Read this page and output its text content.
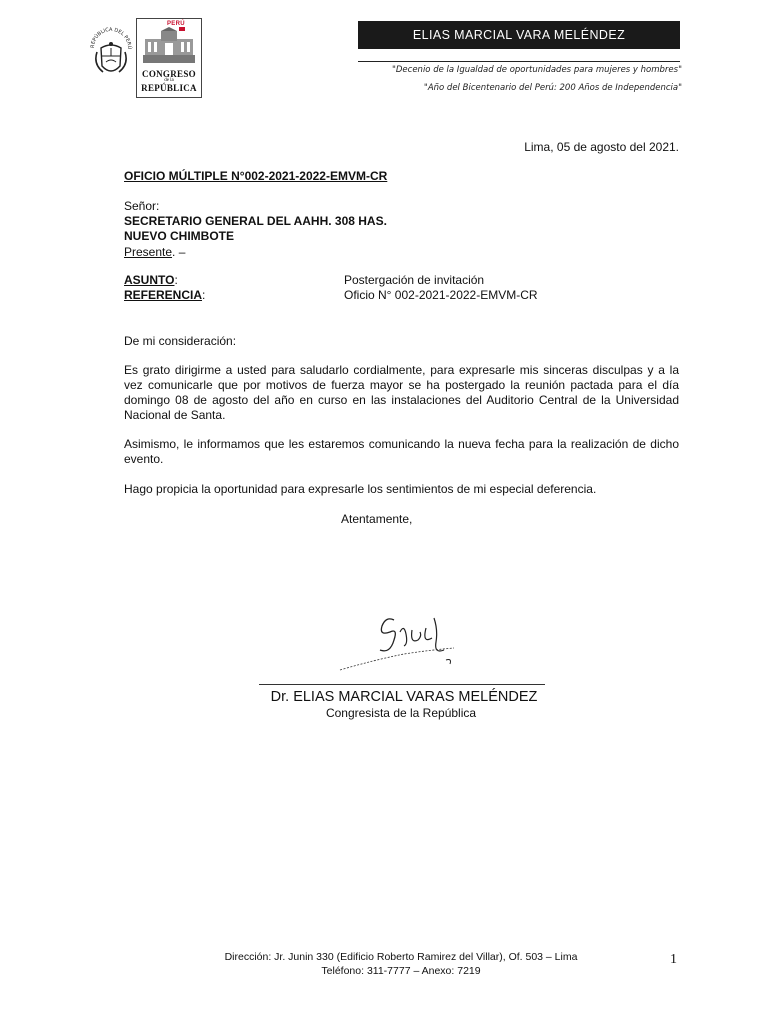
REPÚBLICA DEL PERÚ
PERÚ
CONGRESO
de la
REPÚBLICA
ELIAS MARCIAL VARA MELÉNDEZ
"Decenio de la Igualdad de oportunidades para mujeres y hombres"
"Año del Bicentenario del Perú: 200 Años de Independencia"
Lima, 05 de agosto del 2021.
OFICIO MÚLTIPLE N°002-2021-2022-EMVM-CR
Señor:
SECRETARIO GENERAL DEL AAHH. 308 HAS.
NUEVO CHIMBOTE
Presente. –
ASUNTO:	Postergación de invitación
REFERENCIA:	Oficio N° 002-2021-2022-EMVM-CR
De mi consideración:
Es grato dirigirme a usted para saludarlo cordialmente, para expresarle mis sinceras disculpas y a la vez comunicarle que por motivos de fuerza mayor se ha postergado la reunión pactada para el día domingo 08 de agosto del año en curso en las instalaciones del Auditorio Central de la Universidad Nacional de Santa.
Asimismo, le informamos que les estaremos comunicando la nueva fecha para la realización de dicho evento.
Hago propicia la oportunidad para expresarle los sentimientos de mi especial deferencia.
Atentamente,
Dr. ELIAS MARCIAL VARAS MELÉNDEZ
Congresista de la República
Dirección: Jr. Junin 330 (Edificio Roberto Ramirez del Villar), Of. 503 – Lima
Teléfono: 311-7777 – Anexo: 7219
1
